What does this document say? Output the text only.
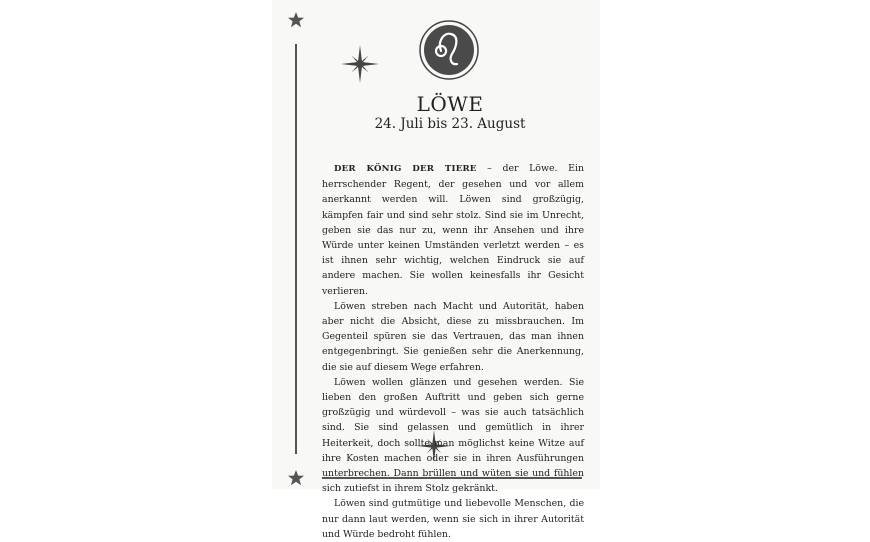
LÖWE
24. Juli bis 23. August

DER KÖNIG DER TIERE – der Löwe. Ein herrschender Regent, der gesehen und vor allem anerkannt werden will. Löwen sind großzügig, kämpfen fair und sind sehr stolz. Sind sie im Unrecht, geben sie das nur zu, wenn ihr Ansehen und ihre Würde unter keinen Umständen verletzt werden – es ist ihnen sehr wichtig, welchen Eindruck sie auf andere machen. Sie wollen keinesfalls ihr Gesicht verlieren.

Löwen streben nach Macht und Autorität, haben aber nicht die Absicht, diese zu missbrauchen. Im Gegenteil spüren sie das Vertrauen, das man ihnen entgegenbringt. Sie genießen sehr die Anerkennung, die sie auf diesem Wege erfahren.

Löwen wollen glänzen und gesehen werden. Sie lieben den großen Auftritt und geben sich gerne großzügig und würdevoll – was sie auch tatsächlich sind. Sie sind gelassen und gemütlich in ihrer Heiterkeit, doch sollte man möglichst keine Witze auf ihre Kosten machen oder sie in ihren Ausführungen unterbrechen. Dann brüllen und wüten sie und fühlen sich zutiefst in ihrem Stolz gekränkt.

Löwen sind gutmütige und liebevolle Menschen, die nur dann laut werden, wenn sie sich in ihrer Autorität und Würde bedroht fühlen.
